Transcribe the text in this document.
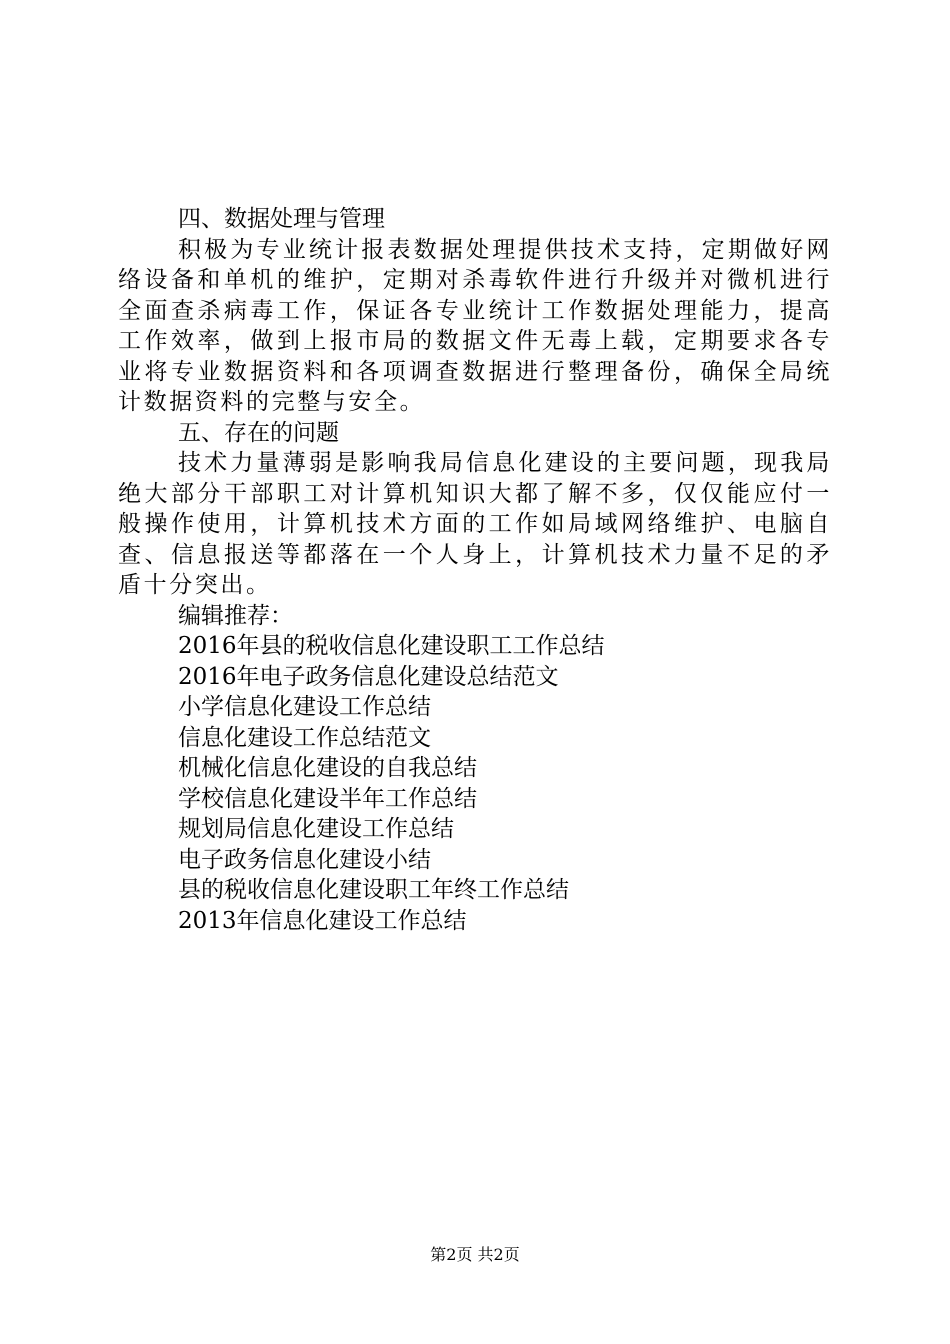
四、数据处理与管理

积极为专业统计报表数据处理提供技术支持，定期做好网络设备和单机的维护，定期对杀毒软件进行升级并对微机进行全面查杀病毒工作，保证各专业统计工作数据处理能力，提高工作效率，做到上报市局的数据文件无毒上载，定期要求各专业将专业数据资料和各项调查数据进行整理备份，确保全局统计数据资料的完整与安全。

五、存在的问题

技术力量薄弱是影响我局信息化建设的主要问题，现我局绝大部分干部职工对计算机知识大都了解不多，仅仅能应付一般操作使用，计算机技术方面的工作如局域网络维护、电脑自查、信息报送等都落在一个人身上，计算机技术力量不足的矛盾十分突出。

编辑推荐：

2016年县的税收信息化建设职工工作总结
2016年电子政务信息化建设总结范文
小学信息化建设工作总结
信息化建设工作总结范文
机械化信息化建设的自我总结
学校信息化建设半年工作总结
规划局信息化建设工作总结
电子政务信息化建设小结
县的税收信息化建设职工年终工作总结
2013年信息化建设工作总结
第2页 共2页
